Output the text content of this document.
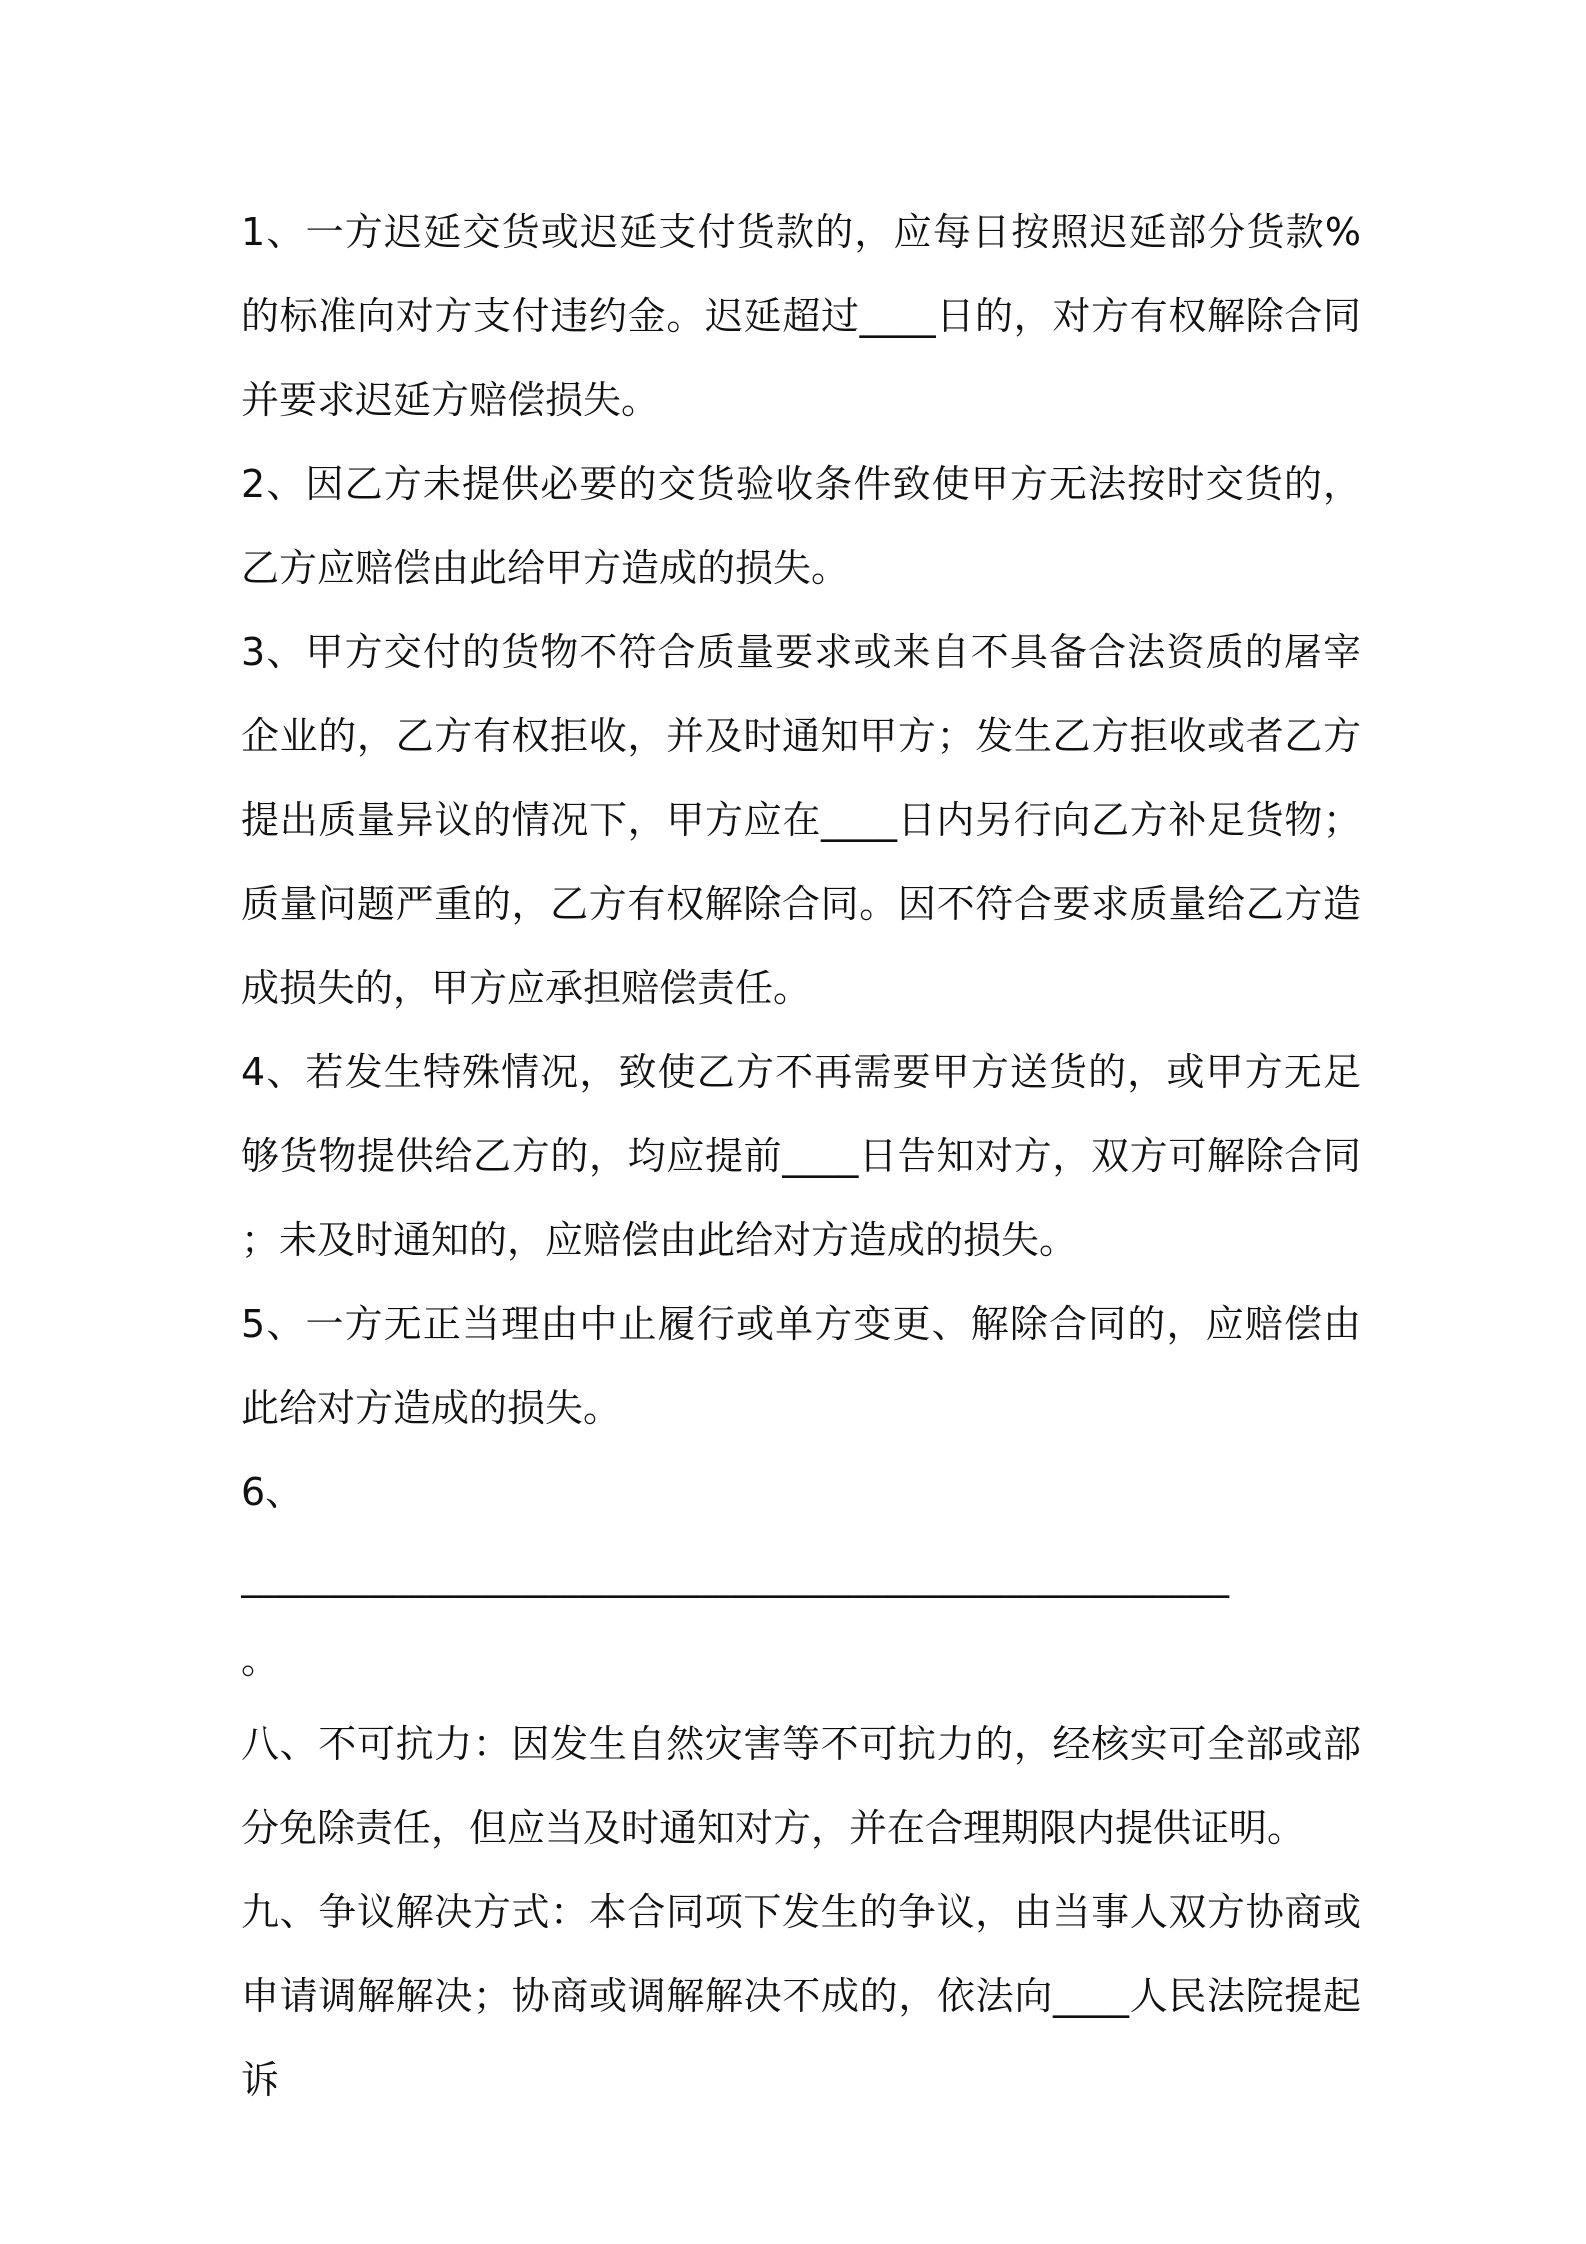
1、一方迟延交货或迟延支付货款的，应每日按照迟延部分货款%的标准向对方支付违约金。迟延超过____日的，对方有权解除合同并要求迟延方赔偿损失。

2、因乙方未提供必要的交货验收条件致使甲方无法按时交货的，乙方应赔偿由此给甲方造成的损失。

3、甲方交付的货物不符合质量要求或来自不具备合法资质的屠宰企业的，乙方有权拒收，并及时通知甲方；发生乙方拒收或者乙方提出质量异议的情况下，甲方应在____日内另行向乙方补足货物；质量问题严重的，乙方有权解除合同。因不符合要求质量给乙方造成损失的，甲方应承担赔偿责任。

4、若发生特殊情况，致使乙方不再需要甲方送货的，或甲方无足够货物提供给乙方的，均应提前____日告知对方，双方可解除合同；未及时通知的，应赔偿由此给对方造成的损失。

5、一方无正当理由中止履行或单方变更、解除合同的，应赔偿由此给对方造成的损失。

6、

____________________________________________________

。

八、不可抗力：因发生自然灾害等不可抗力的，经核实可全部或部分免除责任，但应当及时通知对方，并在合理期限内提供证明。

九、争议解决方式：本合同项下发生的争议，由当事人双方协商或申请调解解决；协商或调解解决不成的，依法向____人民法院提起诉
